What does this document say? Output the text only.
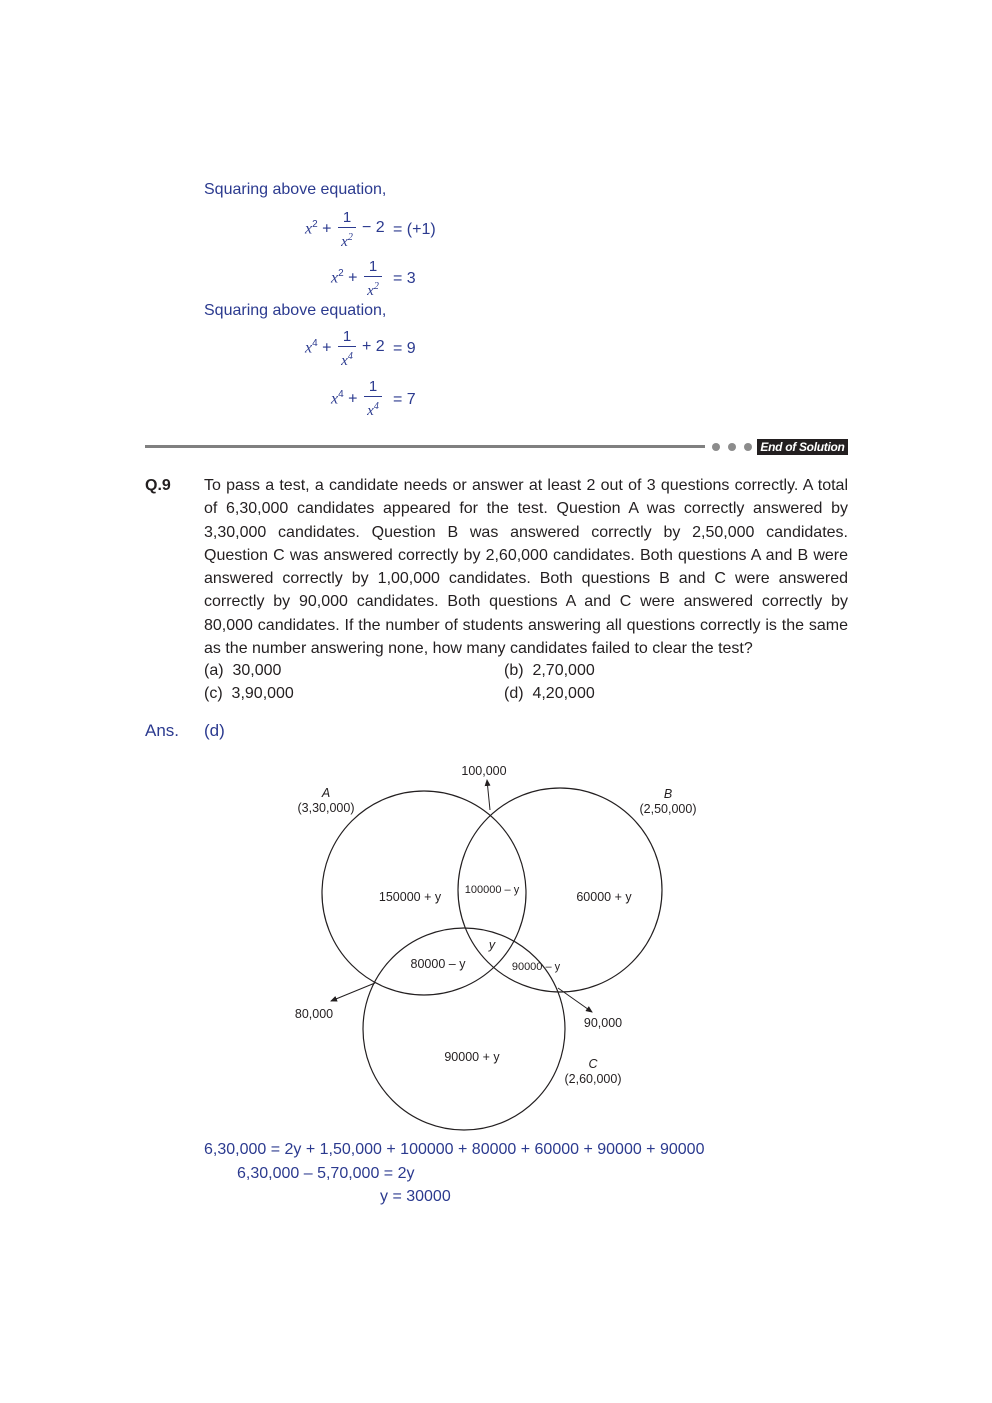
Squaring above equation,
$x^2$ +
1
$x^2$
− 2 = (+1)
$x^2$ +
1
$x^2 = 3$
Squaring above equation,
$x^4$ +
1
$x^4$
+ 2 = 9
$x^4$ +
1
$x^4 = 7$
End of Solution
Q.9 To pass a test, a candidate needs or answer at least 2 out of 3 questions correctly. A total of 6,30,000 candidates appeared for the test. Question A was correctly answered by 3,30,000 candidates. Question B was answered correctly by 2,50,000 candidates. Question C was answered correctly by 2,60,000 candidates. Both questions A and B were answered correctly by 1,00,000 candidates. Both questions B and C were answered correctly by 90,000 candidates. Both questions A and C were answered correctly by 80,000 candidates. If the number of students answering all questions correctly is the same as the number answering none, how many candidates failed to clear the test?
(a) 30,000	(b) 2,70,000
(c) 3,90,000	(d) 4,20,000
Ans. (d)
100,000
A
(3,30,000)
B
(2,50,000)
150000 + y 100000 – y	60000 + y
y
80000 – y	90000 – y
80,000
90,000
90000 + y	C
(2,60,000)
6,30,000 = 2y + 1,50,000 + 100000 + 80000 + 60000 + 90000 + 90000
6,30,000 – 5,70,000 = 2y
y = 30000
